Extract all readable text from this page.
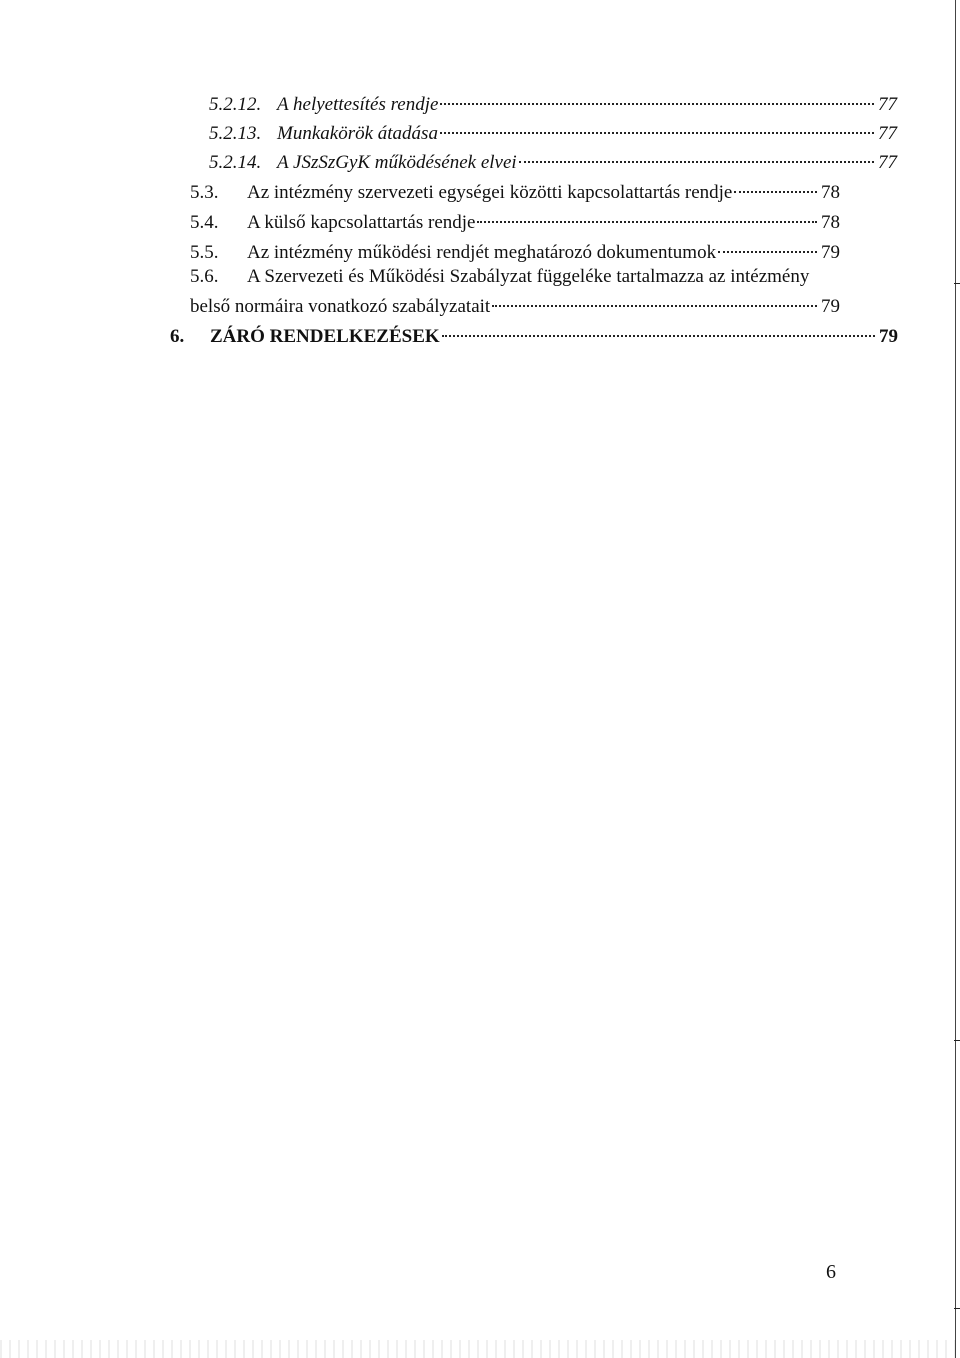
5.2.12. A helyettesítés rendje	77
5.2.13. Munkakörök átadása	77
5.2.14. A JSzSzGyK működésének elvei	77
5.3.	Az intézmény szervezeti egységei közötti kapcsolattartás rendje	78
5.4.	A külső kapcsolattartás rendje	78
5.5.	Az intézmény működési rendjét meghatározó dokumentumok	79
5.6. A Szervezeti és Működési Szabályzat függeléke tartalmazza az intézmény
belső normáira vonatkozó szabályzatait	79
6.	ZÁRÓ RENDELKEZÉSEK	79
6
